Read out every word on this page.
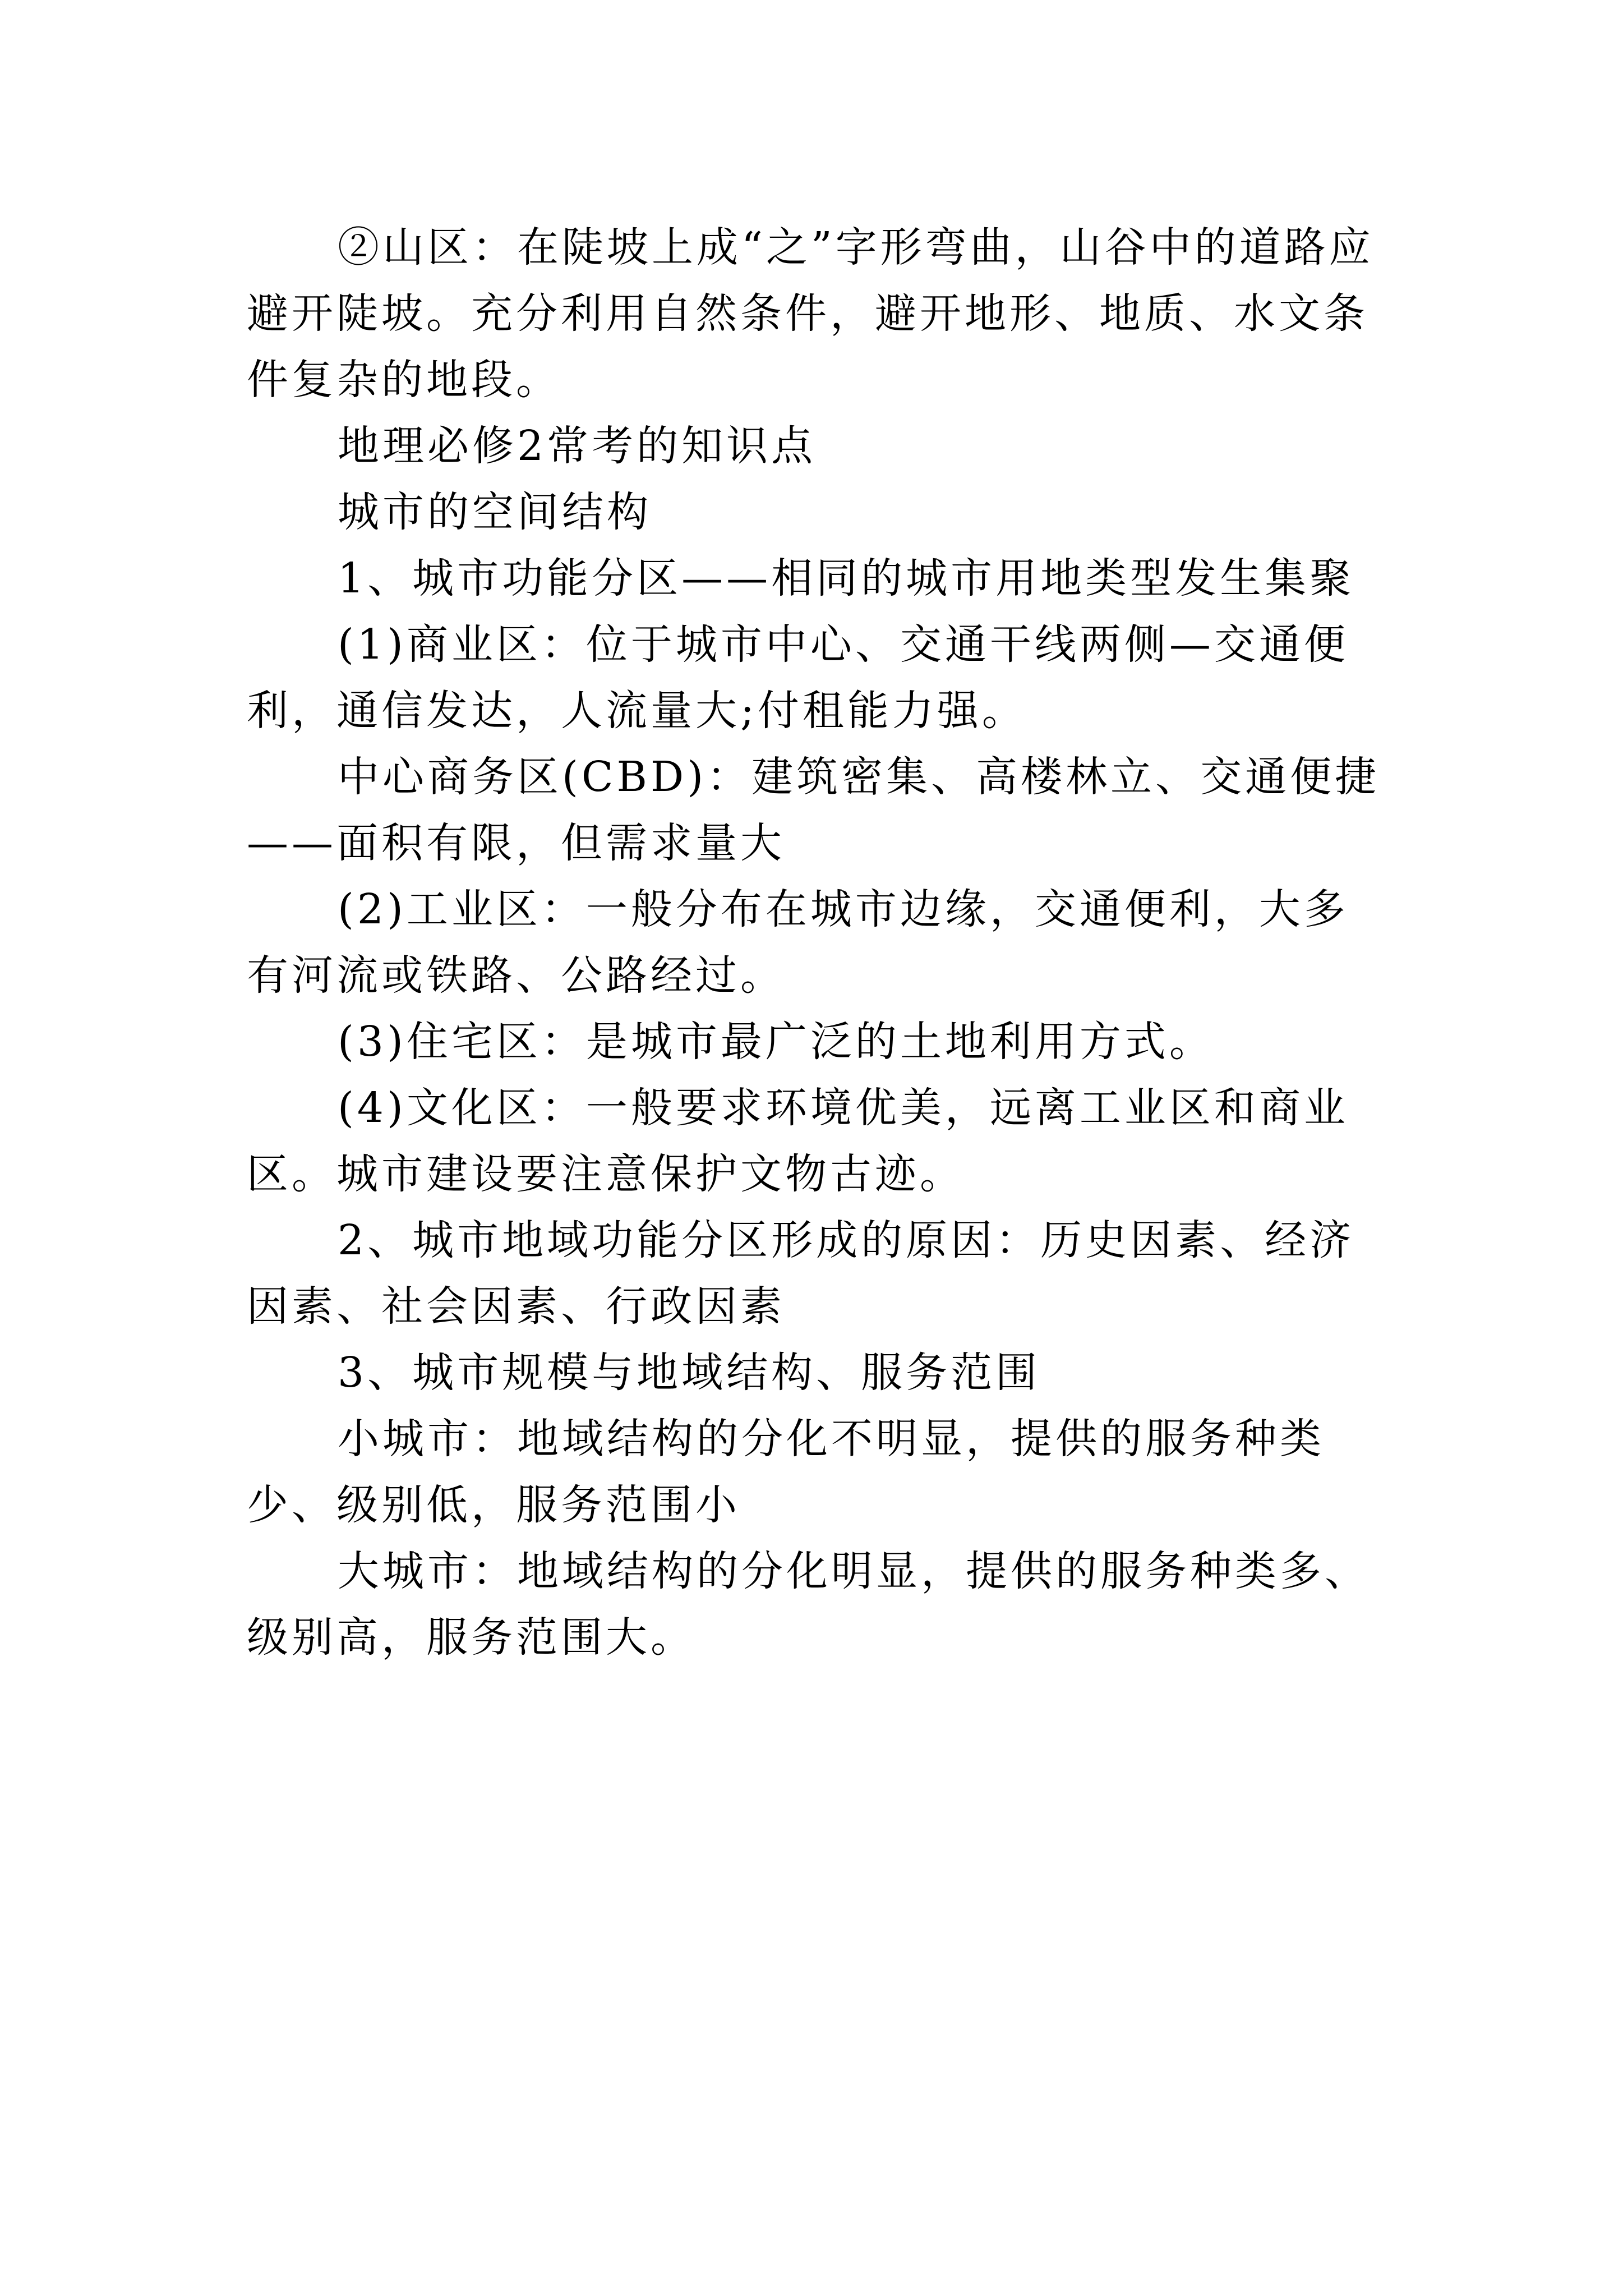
②山区：在陡坡上成“之”字形弯曲，山谷中的道路应避开陡坡。充分利用自然条件，避开地形、地质、水文条件复杂的地段。

地理必修2常考的知识点

城市的空间结构

1、城市功能分区——相同的城市用地类型发生集聚

(1)商业区：位于城市中心、交通干线两侧—交通便利，通信发达，人流量大;付租能力强。

中心商务区(CBD)：建筑密集、高楼林立、交通便捷——面积有限，但需求量大

(2)工业区：一般分布在城市边缘，交通便利，大多有河流或铁路、公路经过。

(3)住宅区：是城市最广泛的土地利用方式。

(4)文化区：一般要求环境优美，远离工业区和商业区。城市建设要注意保护文物古迹。

2、城市地域功能分区形成的原因：历史因素、经济因素、社会因素、行政因素

3、城市规模与地域结构、服务范围

小城市：地域结构的分化不明显，提供的服务种类少、级别低，服务范围小

大城市：地域结构的分化明显，提供的服务种类多、级别高，服务范围大。
